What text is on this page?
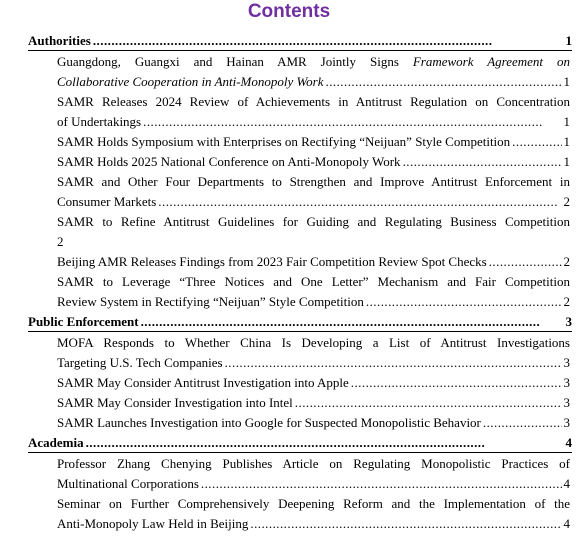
Contents
Authorities . . .	1
Guangdong, Guangxi and Hainan AMR Jointly Signs Framework Agreement on
Collaborative Cooperation in Anti-Monopoly Work . . .	1
SAMR Releases 2024 Review of Achievements in Antitrust Regulation on Concentration
of Undertakings . . .	1
SAMR Holds Symposium with Enterprises on Rectifying “Neijuan” Style Competition . . .	1
SAMR Holds 2025 National Conference on Anti-Monopoly Work . . .	1
SAMR and Other Four Departments to Strengthen and Improve Antitrust Enforcement in
Consumer Markets . . .	2
SAMR to Refine Antitrust Guidelines for Guiding and Regulating Business Competition
2
Beijing AMR Releases Findings from 2023 Fair Competition Review Spot Checks . . .	2
SAMR to Leverage “Three Notices and One Letter” Mechanism and Fair Competition
Review System in Rectifying “Neijuan” Style Competition . . .	2
Public Enforcement . . .	3
MOFA Responds to Whether China Is Developing a List of Antitrust Investigations
Targeting U.S. Tech Companies . . .	3
SAMR May Consider Antitrust Investigation into Apple . . .	3
SAMR May Consider Investigation into Intel . . .	3
SAMR Launches Investigation into Google for Suspected Monopolistic Behavior . . .	3
Academia . . .	4
Professor Zhang Chenying Publishes Article on Regulating Monopolistic Practices of
Multinational Corporations . . .	4
Seminar on Further Comprehensively Deepening Reform and the Implementation of the
Anti-Monopoly Law Held in Beijing . . .	4
